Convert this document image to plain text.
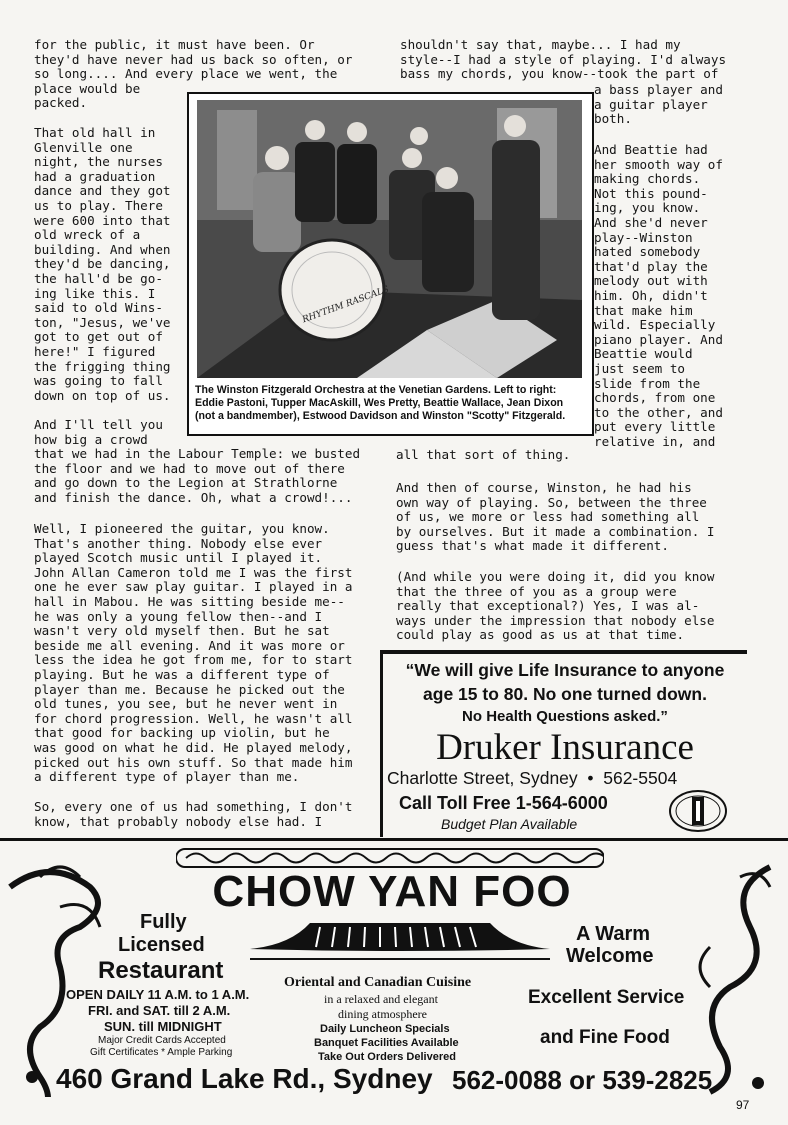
for the public, it must have been. Or
they'd have never had us back so often, or
so long.... And every place we went, the
place would be
packed.

That old hall in
Glenville one
night, the nurses
had a graduation
dance and they got
us to play. There
were 600 into that
old wreck of a
building. And when
they'd be dancing,
the hall'd be go-
ing like this. I
said to old Wins-
ton, "Jesus, we've
got to get out of
here!" I figured
the frigging thing
was going to fall
down on top of us.

And I'll tell you
how big a crowd
that we had in the Labour Temple: we busted
the floor and we had to move out of there
and go down to the Legion at Strathlorne
and finish the dance. Oh, what a crowd!...

Well, I pioneered the guitar, you know.
That's another thing. Nobody else ever
played Scotch music until I played it.
John Allan Cameron told me I was the first
one he ever saw play guitar. I played in a
hall in Mabou. He was sitting beside me--
he was only a young fellow then--and I
wasn't very old myself then. But he sat
beside me all evening. And it was more or
less the idea he got from me, for to start
playing. But he was a different type of
player than me. Because he picked out the
old tunes, you see, but he never went in
for chord progression. Well, he wasn't all
that good for backing up violin, but he
was good on what he did. He played melody,
picked out his own stuff. So that made him
a different type of player than me.

So, every one of us had something, I don't
know, that probably nobody else had. I

shouldn't say that, maybe... I had my
style--I had a style of playing. I'd always
bass my chords, you know--took the part of

a bass player and
a guitar player
both.

And Beattie had
her smooth way of
making chords.
Not this pound-
ing, you know.
And she'd never
play--Winston
hated somebody
that'd play the
melody out with
him. Oh, didn't
that make him
wild. Especially
piano player. And
Beattie would
just seem to
slide from the
chords, from one
to the other, and
put every little
relative in, and

all that sort of thing.

And then of course, Winston, he had his
own way of playing. So, between the three
of us, we more or less had something all
by ourselves. But it made a combination. I
guess that's what made it different.

(And while you were doing it, did you know
that the three of you as a group were
really that exceptional?) Yes, I was al-
ways under the impression that nobody else
could play as good as us at that time.

RHYTHM RASCALS
The Winston Fitzgerald Orchestra at the Venetian Gardens. Left to right:
Eddie Pastoni, Tupper MacAskill, Wes Pretty, Beattie Wallace, Jean Dixon
(not a bandmember), Estwood Davidson and Winston "Scotty" Fitzgerald.
“We will give Life Insurance to anyone
age 15 to 80. No one turned down.
No Health Questions asked.”
Druker Insurance
Charlotte Street, Sydney  •  562-5504
Call Toll Free 1-564-6000
Budget Plan Available
CHOW YAN FOO
Fully
Licensed
Restaurant
OPEN DAILY 11 A.M. to 1 A.M.
FRI. and SAT. till 2 A.M.
SUN. till MIDNIGHT
Major Credit Cards Accepted
Gift Certificates * Ample Parking
Oriental and Canadian Cuisine
in a relaxed and elegant
dining atmosphere
Daily Luncheon Specials
Banquet Facilities Available
Take Out Orders Delivered
A Warm
Welcome
Excellent Service
and Fine Food
460 Grand Lake Rd., Sydney 562-0088 or 539-2825
97
